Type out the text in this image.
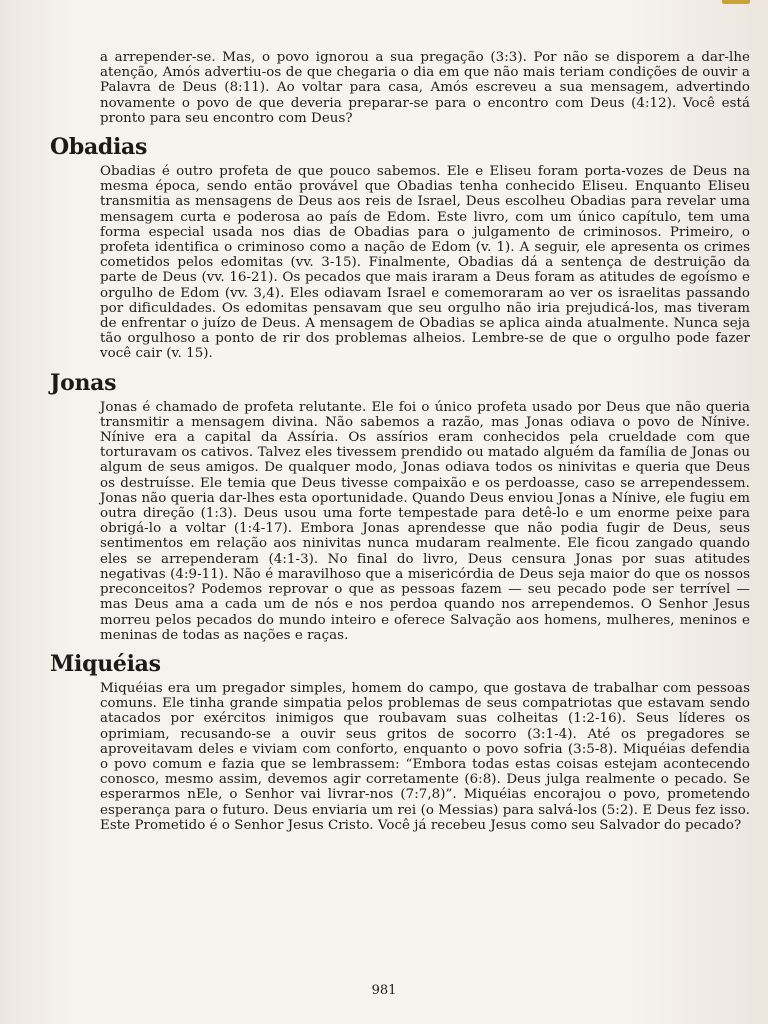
a arrepender-se. Mas, o povo ignorou a sua pregação (3:3). Por não se disporem a dar-lhe atenção, Amós advertiu-os de que chegaria o dia em que não mais teriam condições de ouvir a Palavra de Deus (8:11). Ao voltar para casa, Amós escreveu a sua mensagem, advertindo novamente o povo de que deveria preparar-se para o encontro com Deus (4:12). Você está pronto para seu encontro com Deus?

Obadias

Obadias é outro profeta de que pouco sabemos. Ele e Eliseu foram porta-vozes de Deus na mesma época, sendo então provável que Obadias tenha conhecido Eliseu. Enquanto Eliseu transmitia as mensagens de Deus aos reis de Israel, Deus escolheu Obadias para revelar uma mensagem curta e poderosa ao país de Edom. Este livro, com um único capítulo, tem uma forma especial usada nos dias de Obadias para o julgamento de criminosos. Primeiro, o profeta identifica o criminoso como a nação de Edom (v. 1). A seguir, ele apresenta os crimes cometidos pelos edomitas (vv. 3-15). Finalmente, Obadias dá a sentença de destruição da parte de Deus (vv. 16-21). Os pecados que mais iraram a Deus foram as atitudes de egoísmo e orgulho de Edom (vv. 3,4). Eles odiavam Israel e comemoraram ao ver os israelitas passando por dificuldades. Os edomitas pensavam que seu orgulho não iria prejudicá-los, mas tiveram de enfrentar o juízo de Deus. A mensagem de Obadias se aplica ainda atualmente. Nunca seja tão orgulhoso a ponto de rir dos problemas alheios. Lembre-se de que o orgulho pode fazer você cair (v. 15).

Jonas

Jonas é chamado de profeta relutante. Ele foi o único profeta usado por Deus que não queria transmitir a mensagem divina. Não sabemos a razão, mas Jonas odiava o povo de Nínive. Nínive era a capital da Assíria. Os assírios eram conhecidos pela crueldade com que torturavam os cativos. Talvez eles tivessem prendido ou matado alguém da família de Jonas ou algum de seus amigos. De qualquer modo, Jonas odiava todos os ninivitas e queria que Deus os destruísse. Ele temia que Deus tivesse compaixão e os perdoasse, caso se arrependessem. Jonas não queria dar-lhes esta oportunidade. Quando Deus enviou Jonas a Nínive, ele fugiu em outra direção (1:3). Deus usou uma forte tempestade para detê-lo e um enorme peixe para obrigá-lo a voltar (1:4-17). Embora Jonas aprendesse que não podia fugir de Deus, seus sentimentos em relação aos ninivitas nunca mudaram realmente. Ele ficou zangado quando eles se arrependeram (4:1-3). No final do livro, Deus censura Jonas por suas atitudes negativas (4:9-11). Não é maravilhoso que a misericórdia de Deus seja maior do que os nossos preconceitos? Podemos reprovar o que as pessoas fazem — seu pecado pode ser terrível — mas Deus ama a cada um de nós e nos perdoa quando nos arrependemos. O Senhor Jesus morreu pelos pecados do mundo inteiro e oferece Salvação aos homens, mulheres, meninos e meninas de todas as nações e raças.

Miquéias

Miquéias era um pregador simples, homem do campo, que gostava de trabalhar com pessoas comuns. Ele tinha grande simpatia pelos problemas de seus compatriotas que estavam sendo atacados por exércitos inimigos que roubavam suas colheitas (1:2-16). Seus líderes os oprimiam, recusando-se a ouvir seus gritos de socorro (3:1-4). Até os pregadores se aproveitavam deles e viviam com conforto, enquanto o povo sofria (3:5-8). Miquéias defendia o povo comum e fazia que se lembrassem: “Embora todas estas coisas estejam acontecendo conosco, mesmo assim, devemos agir corretamente (6:8). Deus julga realmente o pecado. Se esperarmos nEle, o Senhor vai livrar-nos (7:7,8)”. Miquéias encorajou o povo, prometendo esperança para o futuro. Deus enviaria um rei (o Messias) para salvá-los (5:2). E Deus fez isso. Este Prometido é o Senhor Jesus Cristo. Você já recebeu Jesus como seu Salvador do pecado?

981
